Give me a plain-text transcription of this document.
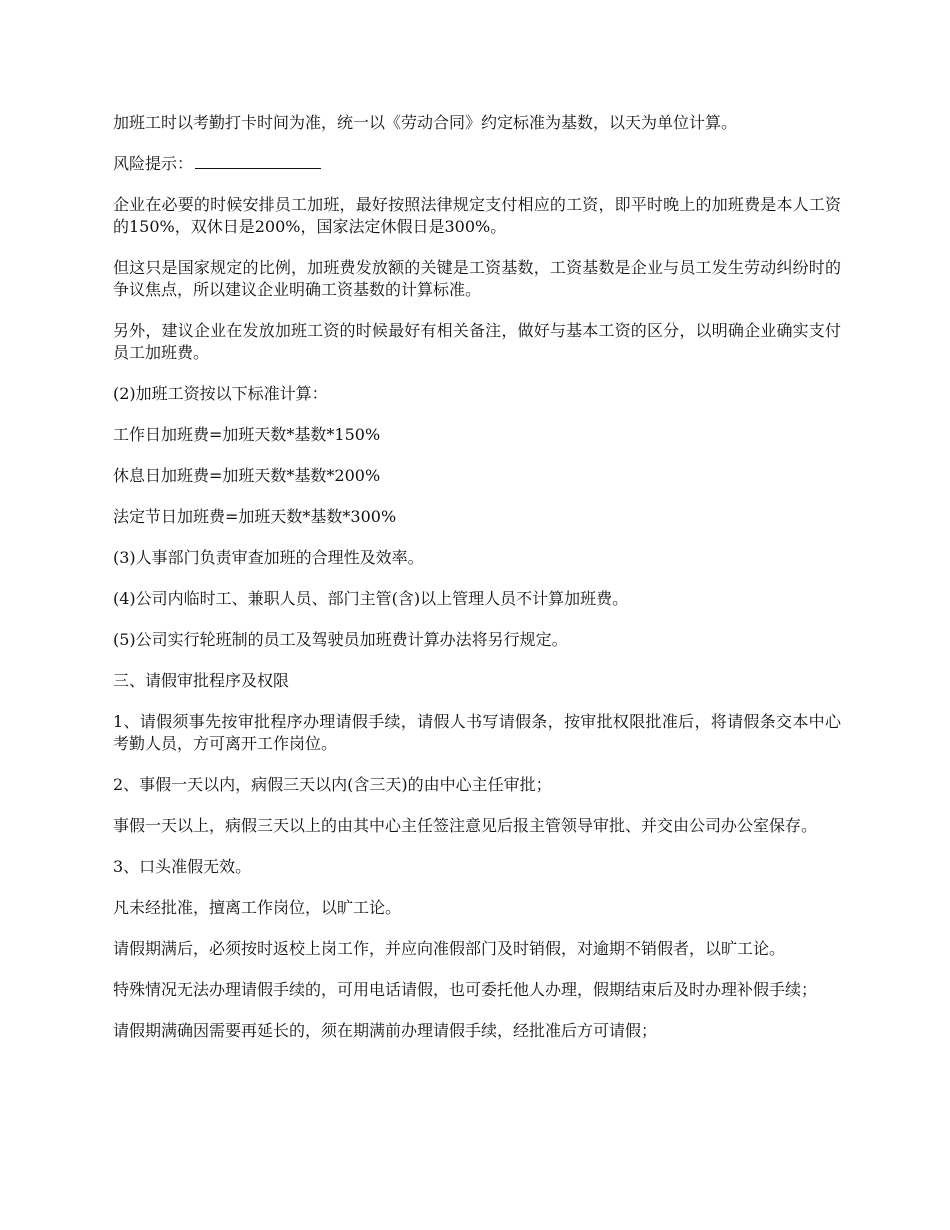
加班工时以考勤打卡时间为准，统一以《劳动合同》约定标准为基数，以天为单位计算。

风险提示：

企业在必要的时候安排员工加班，最好按照法律规定支付相应的工资，即平时晚上的加班费是本人工资的150%，双休日是200%，国家法定休假日是300%。

但这只是国家规定的比例，加班费发放额的关键是工资基数，工资基数是企业与员工发生劳动纠纷时的争议焦点，所以建议企业明确工资基数的计算标准。

另外，建议企业在发放加班工资的时候最好有相关备注，做好与基本工资的区分，以明确企业确实支付员工加班费。

(2)加班工资按以下标准计算：

工作日加班费=加班天数*基数*150%

休息日加班费=加班天数*基数*200%

法定节日加班费=加班天数*基数*300%

(3)人事部门负责审查加班的合理性及效率。

(4)公司内临时工、兼职人员、部门主管(含)以上管理人员不计算加班费。

(5)公司实行轮班制的员工及驾驶员加班费计算办法将另行规定。

三、请假审批程序及权限

1、请假须事先按审批程序办理请假手续，请假人书写请假条，按审批权限批准后，将请假条交本中心考勤人员，方可离开工作岗位。

2、事假一天以内，病假三天以内(含三天)的由中心主任审批；

事假一天以上，病假三天以上的由其中心主任签注意见后报主管领导审批、并交由公司办公室保存。

3、口头准假无效。

凡未经批准，擅离工作岗位，以旷工论。

请假期满后，必须按时返校上岗工作，并应向准假部门及时销假，对逾期不销假者，以旷工论。

特殊情况无法办理请假手续的，可用电话请假，也可委托他人办理，假期结束后及时办理补假手续；

请假期满确因需要再延长的，须在期满前办理请假手续，经批准后方可请假；
